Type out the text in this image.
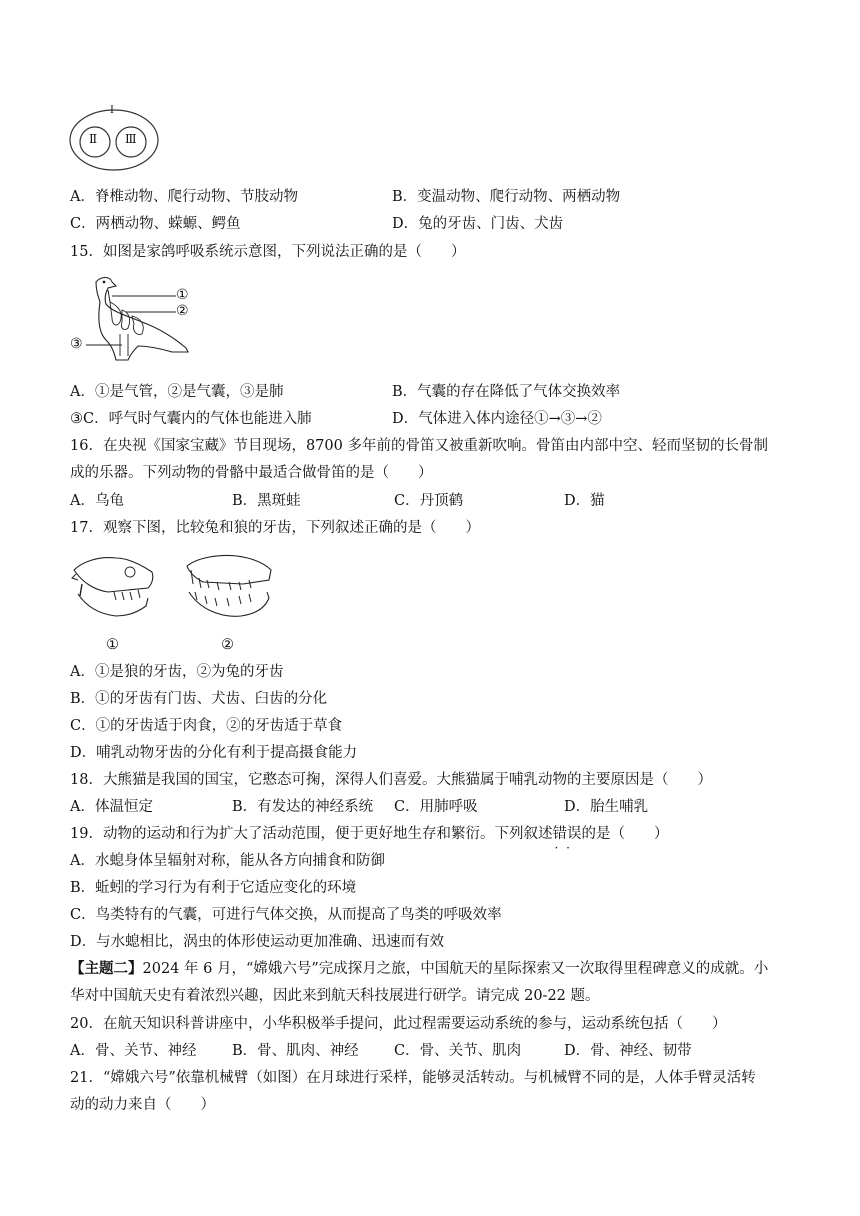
Ⅰ
Ⅱ Ⅲ
A．脊椎动物、爬行动物、节肢动物	B．变温动物、爬行动物、两栖动物
C．两栖动物、蝾螈、鳄鱼	D．兔的牙齿、门齿、犬齿
15．如图是家鸽呼吸系统示意图，下列说法正确的是（　　）
①
②
③
A．①是气管，②是气囊，③是肺	B．气囊的存在降低了气体交换效率
③C．呼气时气囊内的气体也能进入肺	D．气体进入体内途径①→③→②
16．在央视《国家宝藏》节目现场，8700 多年前的骨笛又被重新吹响。骨笛由内部中空、轻而坚韧的长骨制
成的乐器。下列动物的骨骼中最适合做骨笛的是（　　）
A．乌龟	B．黑斑蛙	C．丹顶鹤	D．猫
17．观察下图，比较兔和狼的牙齿，下列叙述正确的是（　　）
①	②
A．①是狼的牙齿，②为兔的牙齿
B．①的牙齿有门齿、犬齿、臼齿的分化
C．①的牙齿适于肉食，②的牙齿适于草食
D．哺乳动物牙齿的分化有利于提高摄食能力
18．大熊猫是我国的国宝，它憨态可掬，深得人们喜爱。大熊猫属于哺乳动物的主要原因是（　　）
A．体温恒定	B．有发达的神经系统 C．用肺呼吸	D．胎生哺乳
19．动物的运动和行为扩大了活动范围，便于更好地生存和繁衍。下列叙述错误 · ·的是（　　）
A．水螅身体呈辐射对称，能从各方向捕食和防御
B．蚯蚓的学习行为有利于它适应变化的环境
C．鸟类特有的气囊，可进行气体交换，从而提高了鸟类的呼吸效率
D．与水螅相比，涡虫的体形使运动更加准确、迅速而有效
【主题二】2024 年 6 月，“嫦娥六号”完成探月之旅，中国航天的星际探索又一次取得里程碑意义的成就。小
华对中国航天史有着浓烈兴趣，因此来到航天科技展进行研学。请完成 20-22 题。
20．在航天知识科普讲座中，小华积极举手提问，此过程需要运动系统的参与，运动系统包括（　　）
A．骨、关节、神经 B．骨、肌肉、神经 C．骨、关节、肌肉	D．骨、神经、韧带
21．“嫦娥六号”依靠机械臂（如图）在月球进行采样，能够灵活转动。与机械臂不同的是，人体手臂灵活转
动的动力来自（　　）
